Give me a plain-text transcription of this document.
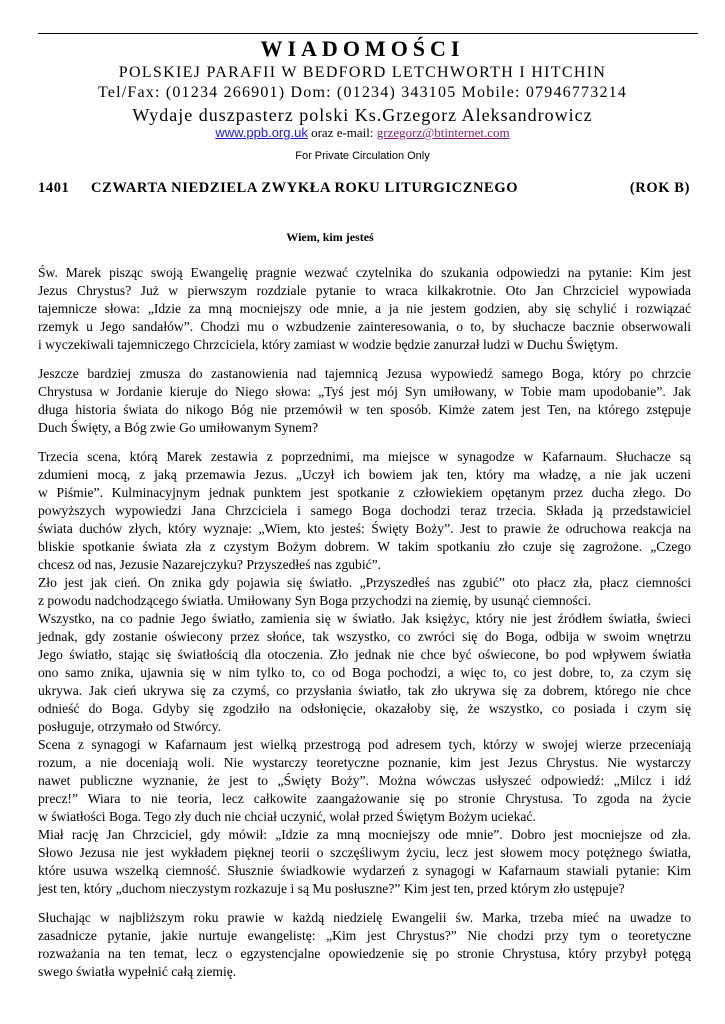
WIADOMOŚCI
POLSKIEJ PARAFII W BEDFORD LETCHWORTH I HITCHIN
Tel/Fax: (01234 266901) Dom: (01234) 343105 Mobile: 07946773214
Wydaje duszpasterz polski Ks.Grzegorz Aleksandrowicz
www.ppb.org.uk oraz e-mail: grzegorz@btinternet.com
For Private Circulation Only
1401 CZWARTA NIEDZIELA ZWYKŁA ROKU LITURGICZNEGO	(ROK B)
Wiem, kim jesteś
Św. Marek pisząc swoją Ewangelię pragnie wezwać czytelnika do szukania odpowiedzi na pytanie: Kim jest
Jezus Chrystus? Już w pierwszym rozdziale pytanie to wraca kilkakrotnie. Oto Jan Chrzciciel wypowiada
tajemnicze słowa: „Idzie za mną mocniejszy ode mnie, a ja nie jestem godzien, aby się schylić i rozwiązać
rzemyk u Jego sandałów”. Chodzi mu o wzbudzenie zainteresowania, o to, by słuchacze bacznie obserwowali
i wyczekiwali tajemniczego Chrzciciela, który zamiast w wodzie będzie zanurzał ludzi w Duchu Świętym.
Jeszcze bardziej zmusza do zastanowienia nad tajemnicą Jezusa wypowiedź samego Boga, który po chrzcie
Chrystusa w Jordanie kieruje do Niego słowa: „Tyś jest mój Syn umiłowany, w Tobie mam upodobanie”. Jak
długa historia świata do nikogo Bóg nie przemówił w ten sposób. Kimże zatem jest Ten, na którego zstępuje
Duch Święty, a Bóg zwie Go umiłowanym Synem?
Trzecia scena, którą Marek zestawia z poprzednimi, ma miejsce w synagodze w Kafarnaum. Słuchacze są
zdumieni mocą, z jaką przemawia Jezus. „Uczył ich bowiem jak ten, który ma władzę, a nie jak uczeni
w Piśmie”. Kulminacyjnym jednak punktem jest spotkanie z człowiekiem opętanym przez ducha złego. Do
powyższych wypowiedzi Jana Chrzciciela i samego Boga dochodzi teraz trzecia. Składa ją przedstawiciel
świata duchów złych, który wyznaje: „Wiem, kto jesteś: Święty Boży”. Jest to prawie że odruchowa reakcja na
bliskie spotkanie świata zła z czystym Bożym dobrem. W takim spotkaniu zło czuje się zagrożone. „Czego
chcesz od nas, Jezusie Nazarejczyku? Przyszedłeś nas zgubić”.
Zło jest jak cień. On znika gdy pojawia się światło. „Przyszedłeś nas zgubić” oto płacz zła, płacz ciemności
z powodu nadchodzącego światła. Umiłowany Syn Boga przychodzi na ziemię, by usunąć ciemności.
Wszystko, na co padnie Jego światło, zamienia się w światło. Jak księżyc, który nie jest źródłem światła, świeci
jednak, gdy zostanie oświecony przez słońce, tak wszystko, co zwróci się do Boga, odbija w swoim wnętrzu
Jego światło, stając się światłością dla otoczenia. Zło jednak nie chce być oświecone, bo pod wpływem światła
ono samo znika, ujawnia się w nim tylko to, co od Boga pochodzi, a więc to, co jest dobre, to, za czym się
ukrywa. Jak cień ukrywa się za czymś, co przysłania światło, tak zło ukrywa się za dobrem, którego nie chce
odnieść do Boga. Gdyby się zgodziło na odsłonięcie, okazałoby się, że wszystko, co posiada i czym się
posługuje, otrzymało od Stwórcy.
Scena z synagogi w Kafarnaum jest wielką przestrogą pod adresem tych, którzy w swojej wierze przeceniają
rozum, a nie doceniają woli. Nie wystarczy teoretyczne poznanie, kim jest Jezus Chrystus. Nie wystarczy
nawet publiczne wyznanie, że jest to „Święty Boży”. Można wówczas usłyszeć odpowiedź: „Milcz i idź
precz!” Wiara to nie teoria, lecz całkowite zaangażowanie się po stronie Chrystusa. To zgoda na życie
w światłości Boga. Tego zły duch nie chciał uczynić, wolał przed Świętym Bożym uciekać.
Miał rację Jan Chrzciciel, gdy mówił: „Idzie za mną mocniejszy ode mnie”. Dobro jest mocniejsze od zła.
Słowo Jezusa nie jest wykładem pięknej teorii o szczęśliwym życiu, lecz jest słowem mocy potężnego światła,
które usuwa wszelką ciemność. Słusznie świadkowie wydarzeń z synagogi w Kafarnaum stawiali pytanie: Kim
jest ten, który „duchom nieczystym rozkazuje i są Mu posłuszne?” Kim jest ten, przed którym zło ustępuje?
Słuchając w najbliższym roku prawie w każdą niedzielę Ewangelii św. Marka, trzeba mieć na uwadze to
zasadnicze pytanie, jakie nurtuje ewangelistę: „Kim jest Chrystus?” Nie chodzi przy tym o teoretyczne
rozważania na ten temat, lecz o egzystencjalne opowiedzenie się po stronie Chrystusa, który przybył potęgą
swego światła wypełnić całą ziemię.
